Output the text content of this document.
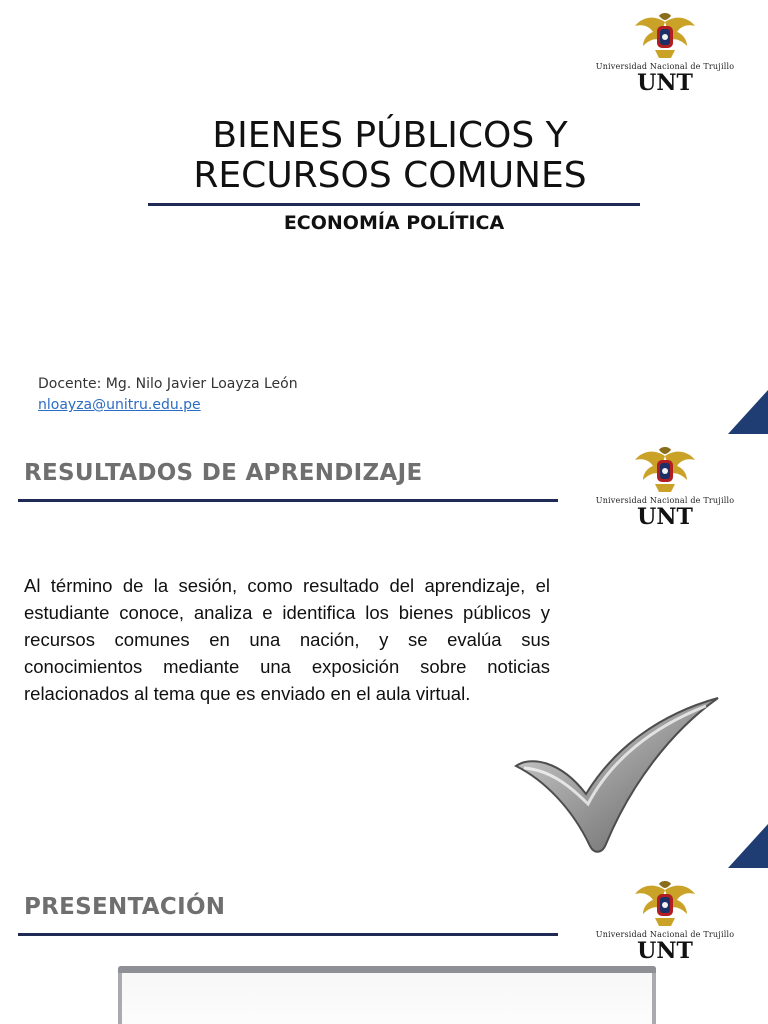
Universidad Nacional de Trujillo
UNT
BIENES PÚBLICOS Y
RECURSOS COMUNES
ECONOMÍA POLÍTICA
Docente: Mg. Nilo Javier Loayza León
nloayza@unitru.edu.pe
Universidad Nacional de Trujillo
UNT
RESULTADOS DE APRENDIZAJE

Al término de la sesión, como resultado del aprendizaje, el estudiante conoce, analiza e identifica los bienes públicos y recursos comunes en una nación, y se evalúa sus conocimientos mediante una exposición sobre noticias relacionados al tema que es enviado en el aula virtual.

Universidad Nacional de Trujillo
UNT
PRESENTACIÓN
